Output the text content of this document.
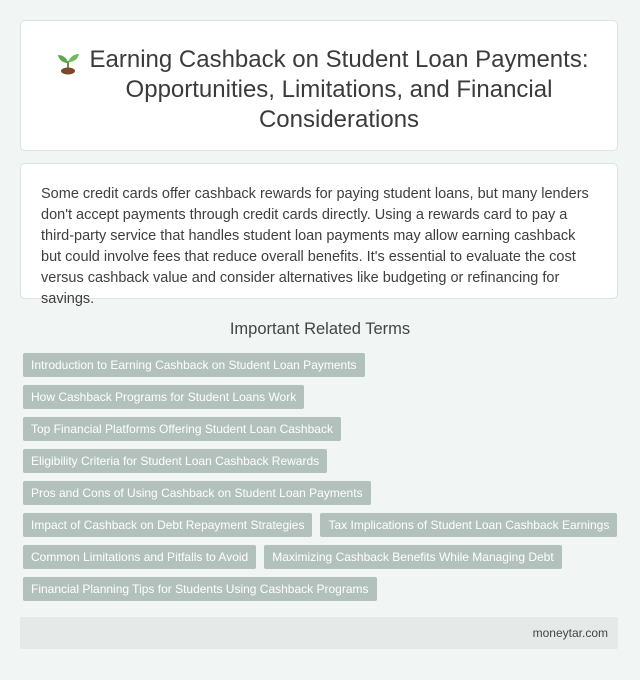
Earning Cashback on Student Loan Payments: Opportunities, Limitations, and Financial Considerations

Some credit cards offer cashback rewards for paying student loans, but many lenders don't accept payments through credit cards directly. Using a rewards card to pay a third-party service that handles student loan payments may allow earning cashback but could involve fees that reduce overall benefits. It's essential to evaluate the cost versus cashback value and consider alternatives like budgeting or refinancing for savings.

Important Related Terms
Introduction to Earning Cashback on Student Loan Payments
How Cashback Programs for Student Loans Work
Top Financial Platforms Offering Student Loan Cashback
Eligibility Criteria for Student Loan Cashback Rewards
Pros and Cons of Using Cashback on Student Loan Payments
Impact of Cashback on Debt Repayment Strategies	Tax Implications of Student Loan Cashback Earnings
Common Limitations and Pitfalls to Avoid	Maximizing Cashback Benefits While Managing Debt
Financial Planning Tips for Students Using Cashback Programs
moneytar.com
